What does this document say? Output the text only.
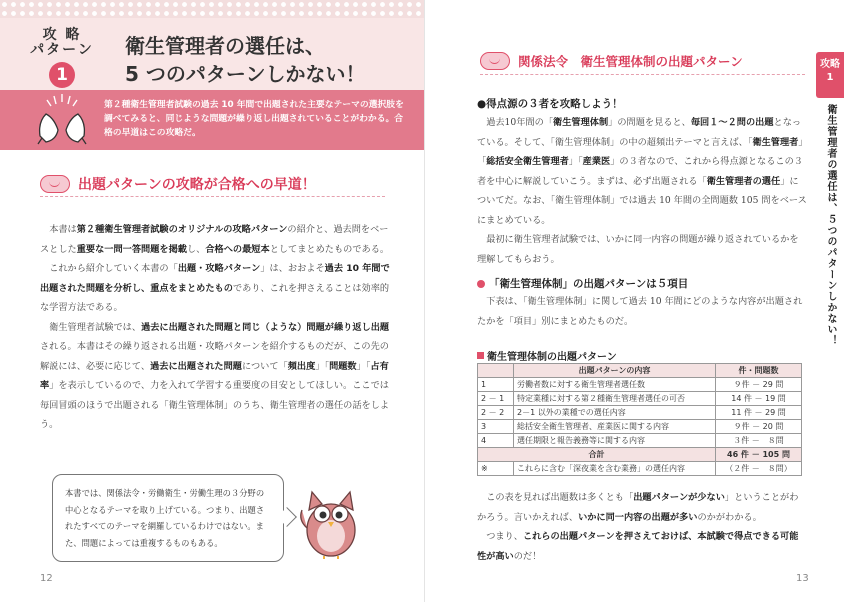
攻 略
パターン
1
衛生管理者の選任は、
5 つのパターンしかない！
第２種衛生管理者試験の過去 10 年間で出題された主要なテーマの選択肢を調べてみると、同じような問題が繰り返し出題されていることがわかる。合格の早道はこの攻略だ。
出題パターンの攻略が合格への早道！

本書は第２種衛生管理者試験のオリジナルの攻略パターンの紹介と、過去問をベースとした重要な一問一答問題を掲載し、合格への最短本としてまとめたものである。

これから紹介していく本書の「出題・攻略パターン」は、おおよそ過去 10 年間で出題された問題を分析し、重点をまとめたものであり、これを押さえることは効率的な学習方法である。

衛生管理者試験では、過去に出題された問題と同じ（ような）問題が繰り返し出題される。本書はその繰り返される出題・攻略パターンを紹介するものだが、この先の解説には、必要に応じて、過去に出題された問題について「頻出度」「問題数」「占有率」を表示しているので、力を入れて学習する重要度の目安としてほしい。ここでは毎回冒頭のほうで出題される「衛生管理体制」のうち、衛生管理者の選任の話をしよう。

本書では、関係法令・労働衛生・労働生理の３分野の中心となるテーマを取り上げている。つまり、出題されたすべてのテーマを網羅しているわけではない。また、問題によっては重複するものもある。
12
関係法令　衛生管理体制の出題パターン
●得点源の３者を攻略しよう！

過去10年間の「衛生管理体制」の問題を見ると、毎回１～２問の出題となっている。そして、「衛生管理体制」の中の超頻出テーマと言えば、「衛生管理者」「総括安全衛生管理者」「産業医」の３者なので、これから得点源となるこの３者を中心に解説していこう。まずは、必ず出題される「衛生管理者の選任」についてだ。なお、「衛生管理体制」では過去 10 年間の全問題数 105 問をベースにまとめている。

最初に衛生管理者試験では、いかに同一内容の問題が繰り返されているかを理解してもらおう。

「 衛生管理体制 」の出題パターンは５項目

下表は、「衛生管理体制」に関して過去 10 年間にどのような内容が出題されたかを「項目」別にまとめたものだ。

衛生管理体制の出題パターン
	出題パターンの内容	件・問題数
1	労働者数に対する衛生管理者選任数	９件 － 29 問
2 － 1	特定業種に対する第２種衛生管理者選任の可否	14 件 － 19 問
2 － 2	2－1 以外の業種での選任内容	11 件 － 29 問
3	総括安全衛生管理者、産業医に関する内容	９件 － 20 問
4	選任期限と報告義務等に関する内容	３件 －　８問
合計		46 件 － 105 問
※	これらに含む「深夜業を含む業務」の選任内容	（２件 －　８問）

この表を見れば出題数は多くとも「出題パターンが少ない」ということがわかろう。言いかえれば、いかに同一内容の出題が多いのかがわかる。

つまり、これらの出題パターンを押さえておけば、本試験で得点できる可能性が高いのだ！

攻略
1
衛生管理者の選任は、５つのパターンしかない！
13
